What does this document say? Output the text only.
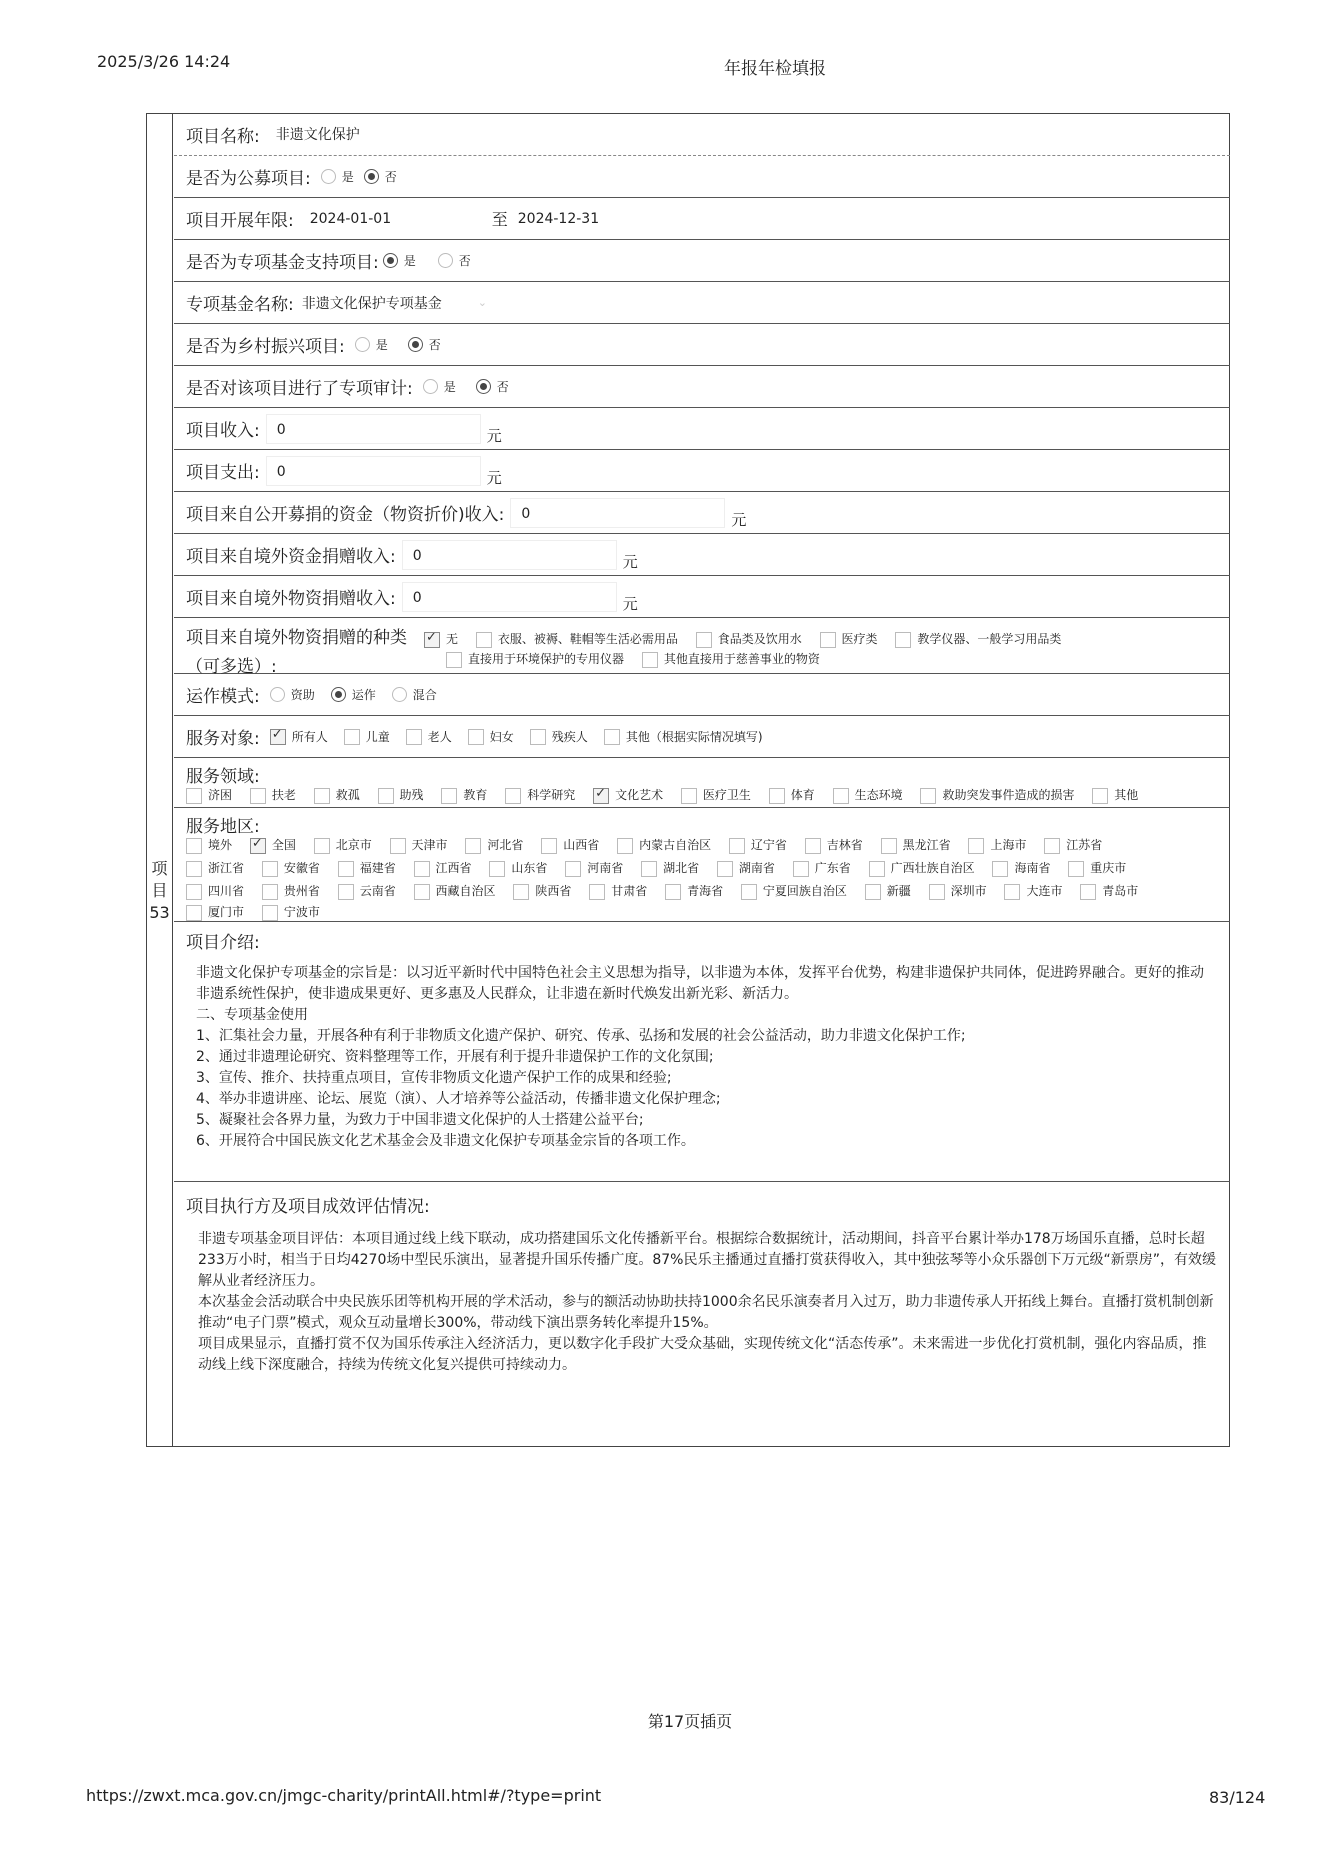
2025/3/26 14:24	年报年检填报
项
目
53
项目名称: 非遗文化保护
是否为公募项目:	是	否
项目开展年限: 2024-01-01	至 2024-12-31
是否为专项基金支持项目: 是	否
专项基金名称: 非遗文化保护专项基金	⌄
是否为乡村振兴项目:	是	否
是否对该项目进行了专项审计:	是	否
项目收入:	0	元
项目支出:	0	元
项目来自公开募捐的资金（物资折价)收入:	0	元
项目来自境外资金捐赠收入:	0	元
项目来自境外物资捐赠收入:	0	元
项目来自境外物资捐赠的种类
（可多选）:
✓无	衣服、被褥、鞋帽等生活必需用品	食品类及饮用水	医疗类	教学仪器、一般学习用品类
直接用于环境保护的专用仪器	其他直接用于慈善事业的物资
运作模式:	资助	运作	混合
服务对象: ✓	所有人	儿童	老人	妇女	残疾人	其他（根据实际情况填写)
服务领域:
济困	扶老	救孤	助残	教育	科学研究 ✓	文化艺术	医疗卫生	体育	生态环境	救助突发事件造成的损害	其他
服务地区:
境外 ✓	全国	北京市	天津市	河北省	山西省	内蒙古自治区	辽宁省	吉林省	黑龙江省	上海市	江苏省
浙江省	安徽省	福建省	江西省	山东省	河南省	湖北省	湖南省	广东省	广西壮族自治区	海南省	重庆市
四川省	贵州省	云南省	西藏自治区	陕西省	甘肃省	青海省	宁夏回族自治区	新疆	深圳市	大连市	青岛市
厦门市	宁波市
项目介绍:
非遗文化保护专项基金的宗旨是：以习近平新时代中国特色社会主义思想为指导，以非遗为本体，发挥平台优势，构建非遗保护共同体，促进跨界融合。更好的推动非遗系统性保护，使非遗成果更好、更多惠及人民群众，让非遗在新时代焕发出新光彩、新活力。
二、专项基金使用
1、汇集社会力量，开展各种有利于非物质文化遗产保护、研究、传承、弘扬和发展的社会公益活动，助力非遗文化保护工作;
2、通过非遗理论研究、资料整理等工作，开展有利于提升非遗保护工作的文化氛围;
3、宣传、推介、扶持重点项目，宣传非物质文化遗产保护工作的成果和经验;
4、举办非遗讲座、论坛、展览（演）、人才培养等公益活动，传播非遗文化保护理念;
5、凝聚社会各界力量，为致力于中国非遗文化保护的人士搭建公益平台;
6、开展符合中国民族文化艺术基金会及非遗文化保护专项基金宗旨的各项工作。
项目执行方及项目成效评估情况:
非遗专项基金项目评估：本项目通过线上线下联动，成功搭建国乐文化传播新平台。根据综合数据统计，活动期间，抖音平台累计举办178万场国乐直播，总时长超233万小时，相当于日均4270场中型民乐演出，显著提升国乐传播广度。87%民乐主播通过直播打赏获得收入，其中独弦琴等小众乐器创下万元级“新票房”，有效缓解从业者经济压力。
本次基金会活动联合中央民族乐团等机构开展的学术活动，参与的额活动协助扶持1000余名民乐演奏者月入过万，助力非遗传承人开拓线上舞台。直播打赏机制创新推动“电子门票”模式，观众互动量增长300%，带动线下演出票务转化率提升15%。
项目成果显示，直播打赏不仅为国乐传承注入经济活力，更以数字化手段扩大受众基础，实现传统文化“活态传承”。未来需进一步优化打赏机制，强化内容品质，推动线上线下深度融合，持续为传统文化复兴提供可持续动力。
第17页插页
https://zwxt.mca.gov.cn/jmgc-charity/printAll.html#/?type=print	83/124
